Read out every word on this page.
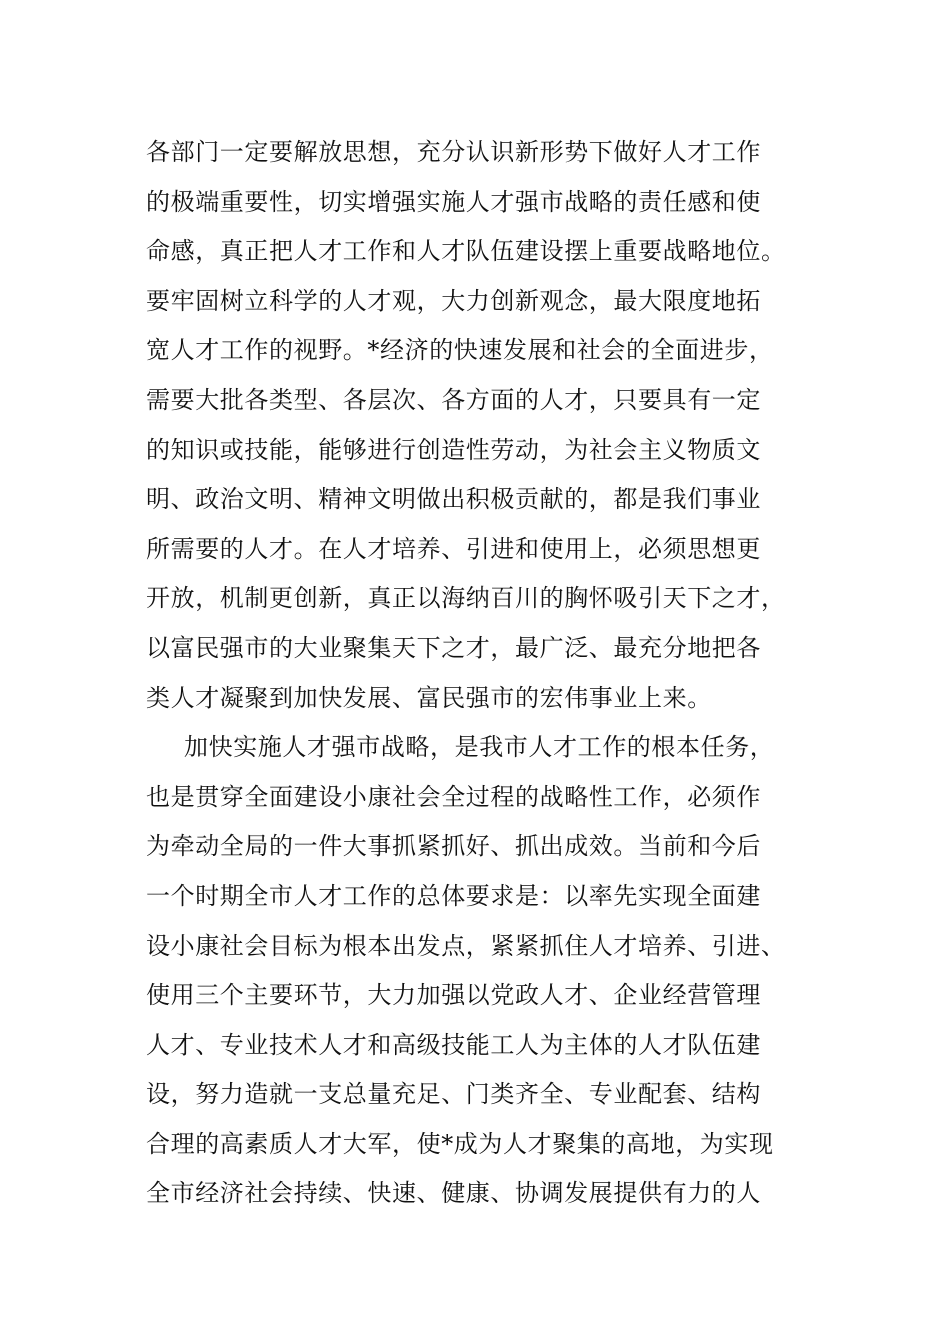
各部门一定要解放思想，充分认识新形势下做好人才工作
的极端重要性，切实增强实施人才强市战略的责任感和使
命感，真正把人才工作和人才队伍建设摆上重要战略地位。
要牢固树立科学的人才观，大力创新观念，最大限度地拓
宽人才工作的视野。*经济的快速发展和社会的全面进步，
需要大批各类型、各层次、各方面的人才，只要具有一定
的知识或技能，能够进行创造性劳动，为社会主义物质文
明、政治文明、精神文明做出积极贡献的，都是我们事业
所需要的人才。在人才培养、引进和使用上，必须思想更
开放，机制更创新，真正以海纳百川的胸怀吸引天下之才，
以富民强市的大业聚集天下之才，最广泛、最充分地把各
类人才凝聚到加快发展、富民强市的宏伟事业上来。
加快实施人才强市战略，是我市人才工作的根本任务，
也是贯穿全面建设小康社会全过程的战略性工作，必须作
为牵动全局的一件大事抓紧抓好、抓出成效。当前和今后
一个时期全市人才工作的总体要求是：以率先实现全面建
设小康社会目标为根本出发点，紧紧抓住人才培养、引进、
使用三个主要环节，大力加强以党政人才、企业经营管理
人才、专业技术人才和高级技能工人为主体的人才队伍建
设，努力造就一支总量充足、门类齐全、专业配套、结构
合理的高素质人才大军，使*成为人才聚集的高地，为实现
全市经济社会持续、快速、健康、协调发展提供有力的人
